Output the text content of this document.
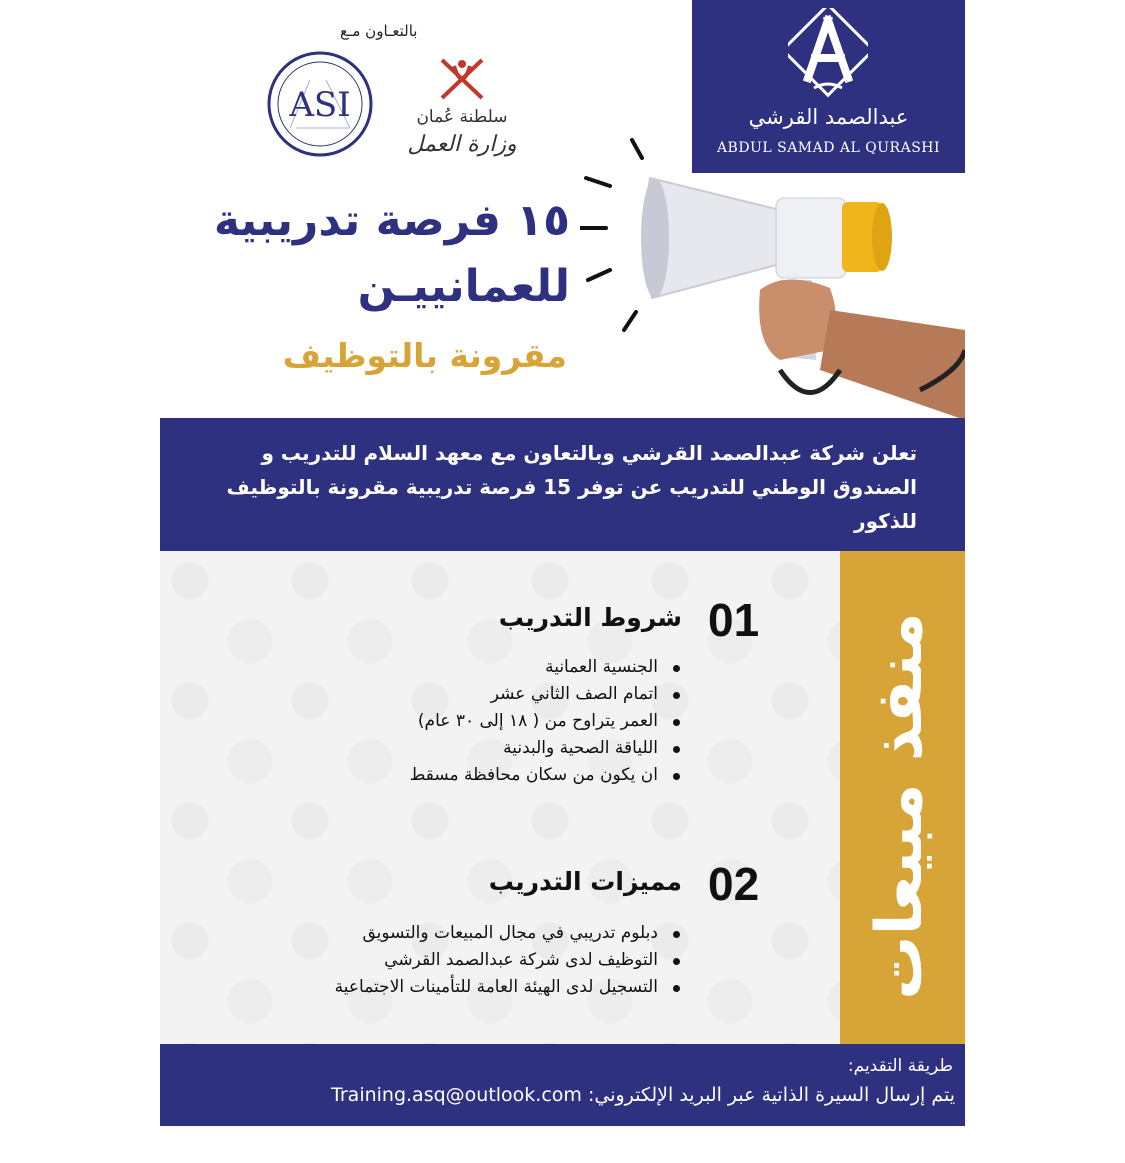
عبدالصمد القرشي
ABDUL SAMAD AL QURASHI
بالتعـاون مـع
ASI	سلطنة عُمان
وزارة العمل
١٥ فرصة تدريبية
للعمانييـن
مقرونة بالتوظيف
تعلن شركة عبدالصمد القرشي وبالتعاون مع معهد السلام للتدريب و الصندوق الوطني للتدريب عن توفر 15 فرصة تدريبية مقرونة بالتوظيف للذكور
منفذ مبيعات
01
شروط التدريب
الجنسية العمانية
اتمام الصف الثاني عشر
العمر يتراوح من ( ١٨ إلى ٣٠ عام)
اللياقة الصحية والبدنية
ان يكون من سكان محافظة مسقط
02
مميزات التدريب
دبلوم تدريبي في مجال المبيعات والتسويق
التوظيف لدى شركة عبدالصمد القرشي
التسجيل لدى الهيئة العامة للتأمينات الاجتماعية
طريقة التقديم:
Training.asq@outlook.com يتم إرسال السيرة الذاتية عبر البريد الإلكتروني:
